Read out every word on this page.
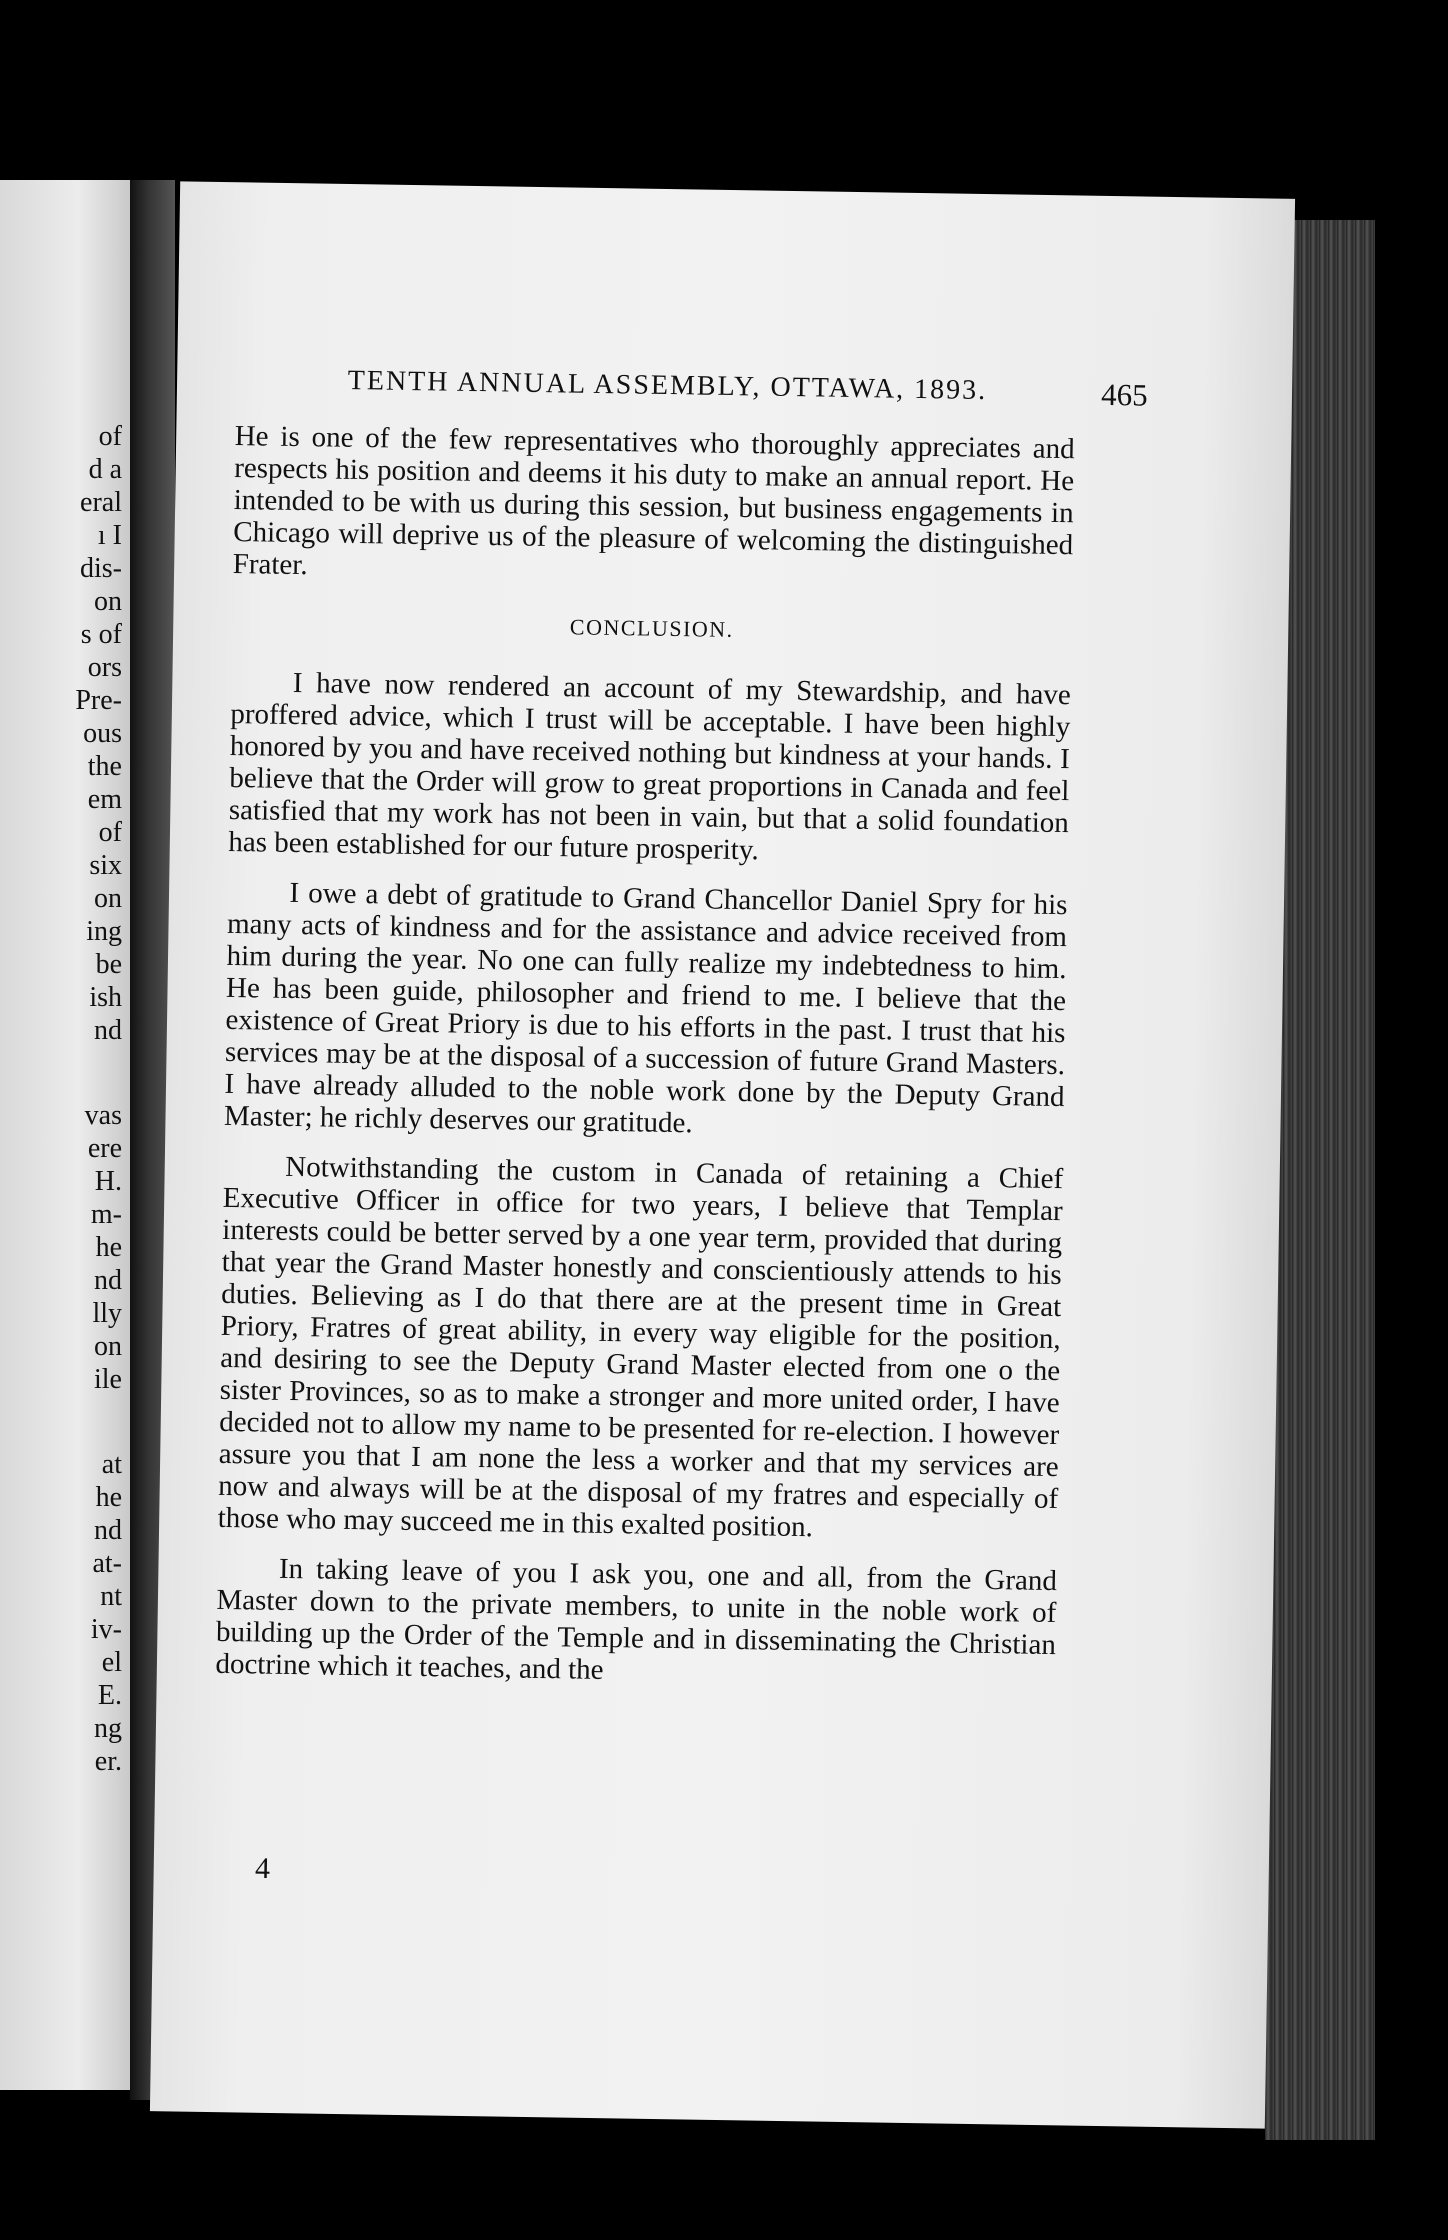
of
d a
eral
ı I
dis-
on
s of
ors
Pre-
ous
the
em
of
six
on
ing
be
ish
nd
vas
ere
H.
m-
he
nd
lly
on
ile
at
he
nd
at-
nt
iv-
el
E.
ng
er.
TENTH ANNUAL ASSEMBLY, OTTAWA, 1893.	465

He is one of the few representatives who thoroughly appreciates and respects his position and deems it his duty to make an annual report. He intended to be with us during this session, but business engagements in Chicago will deprive us of the pleasure of welcoming the distinguished Frater.

CONCLUSION.

I have now rendered an account of my Stewardship, and have proffered advice, which I trust will be acceptable. I have been highly honored by you and have received nothing but kindness at your hands. I believe that the Order will grow to great proportions in Canada and feel satisfied that my work has not been in vain, but that a solid foundation has been established for our future prosperity.

I owe a debt of gratitude to Grand Chancellor Daniel Spry for his many acts of kindness and for the assistance and advice received from him during the year. No one can fully realize my indebtedness to him. He has been guide, philosopher and friend to me. I believe that the existence of Great Priory is due to his efforts in the past. I trust that his services may be at the disposal of a succession of future Grand Masters. I have already alluded to the noble work done by the Deputy Grand Master; he richly deserves our gratitude.

Notwithstanding the custom in Canada of retaining a Chief Executive Officer in office for two years, I believe that Templar interests could be better served by a one year term, provided that during that year the Grand Master honestly and conscientiously attends to his duties. Believing as I do that there are at the present time in Great Priory, Fratres of great ability, in every way eligible for the position, and desiring to see the Deputy Grand Master elected from one o the sister Provinces, so as to make a stronger and more united order, I have decided not to allow my name to be presented for re-election. I however assure you that I am none the less a worker and that my services are now and always will be at the disposal of my fratres and especially of those who may succeed me in this exalted position.

In taking leave of you I ask you, one and all, from the Grand Master down to the private members, to unite in the noble work of building up the Order of the Temple and in disseminating the Christian doctrine which it teaches, and the

4
